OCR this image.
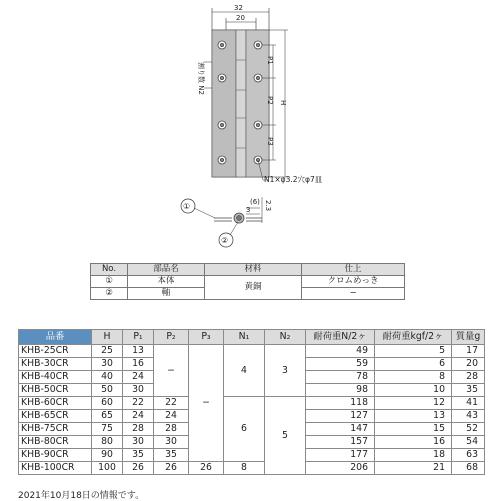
32
20
割り数 N2
P1
P2
P3
H
N1×φ3.2穴φ7皿
(6)
3 2.3
①
②
No.	部品名	材料	仕上
①	本体	黄銅	クロムめっき
②	軸		−
品番	H	P₁	P₂	P₃	N₁	N₂	耐荷重N/2ヶ	耐荷重kgf/2ヶ	質量g
KHB-25CR	25	13	−	−	4	3	49	5	17
KHB-30CR	30	16					59	6	20
KHB-40CR	40	24					78	8	28
KHB-50CR	50	30					98	10	35
KHB-60CR	60	22	22		6	5	118	12	41
KHB-65CR	65	24	24				127	13	43
KHB-75CR	75	28	28				147	15	52
KHB-80CR	80	30	30				157	16	54
KHB-90CR	90	35	35				177	18	63
KHB-100CR	100	26	26	26	8		206	21	68
2021年10月18日の情報です。
